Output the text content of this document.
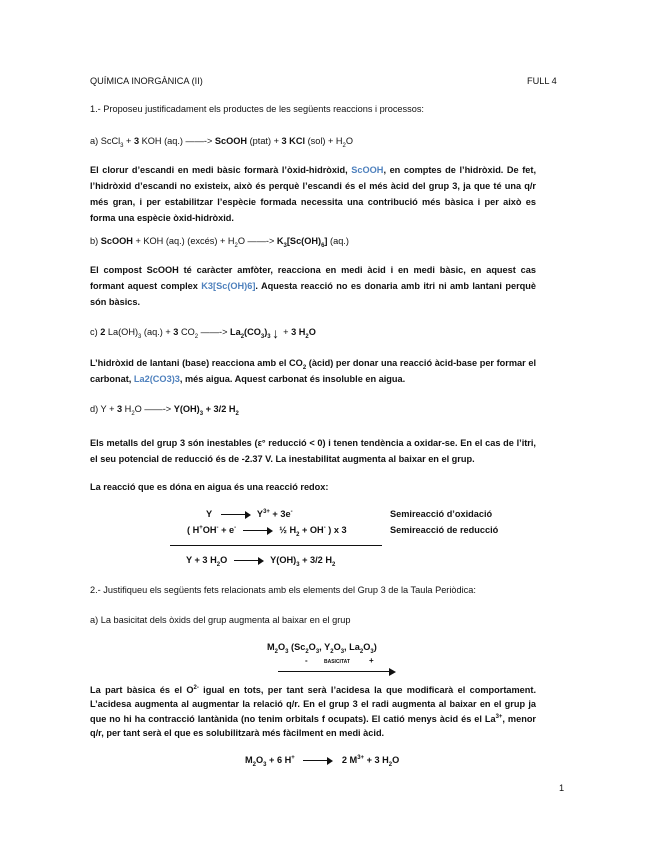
QUÍMICA INORGÀNICA (II)	FULL 4
1.- Proposeu justificadament els productes de les següents reaccions i processos:
a) ScCl$_3$ + 3 KOH (aq.) ——-> ScOOH (ptat) + 3 KCl $(sol) + H_2O$
El clorur d’escandi en medi bàsic formarà l’òxid-hidròxid, ScOOH, en comptes de l’hidròxid. De fet, l’hidròxid d’escandi no existeix, això és perquè l’escandi és el més àcid del grup 3, ja que té una q/r més gran, i per estabilitzar l’espècie formada necessita una contribució més bàsica i per això es forma una espècie òxid-hidròxid.
b) ScOOH + KOH (aq.) (excés) + $H_2O$ ——-> $K_3[Sc(OH)_6]$ (aq.)
El compost ScOOH té caràcter amfòter, reacciona en medi àcid i en medi bàsic, en aquest cas formant aquest complex K3[Sc(OH)6]. Aquesta reacció no es donaria amb itri ni amb lantani perquè són bàsics.
c) 2 $La(OH)_3$ (aq.) + 3 $CO_2$ ——-> $La_2(CO_3)_3$ ↓ + 3 $H_2O$
L’hidròxid de lantani (base) reacciona amb el $CO_2$ (àcid) per donar una reacció àcid-base per formar el carbonat, La2(CO3)3, més aigua. Aquest carbonat és insoluble en aigua.
d) Y + 3 $H_2O$ ——-> $Y(OH)_3 + 3/2$ $H_2$
Els metalls del grup 3 són inestables (ε° reducció < 0) i tenen tendència a oxidar-se. En el cas de l’itri, el seu potencial de reducció és de -2.37 V. La inestabilitat augmenta al baixar en el grup.
La reacció que es dóna en aigua és una reacció redox:
Y	$Y^{3+} + 3e^-$	Semireacció d’oxidació
( H+OH- + e-	½ $H_2 + OH^-$ ) x 3	Semireacció de reducció
Y + 3 $H_2O$	$Y(OH)_3 + 3/2$ $H_2$
2.- Justifiqueu els següents fets relacionats amb els elements del Grup 3 de la Taula Periòdica:
a) La basicitat dels òxids del grup augmenta al baixar en el grup
$M_2O_3$ ($Sc_2O_3$, $Y_2O_3$, $La_2O_3$)
-	BASICITAT +
La part bàsica és el $O^{2-}$ igual en tots, per tant serà l’acidesa la que modificarà el comportament. L’acidesa augmenta al augmentar la relació q/r. En el grup 3 el radi augmenta al baixar en el grup ja que no hi ha contracció lantànida (no tenim orbitals f ocupats). El catió menys àcid és el $La^{3+}$, menor q/r, per tant serà el que es solubilitzarà més fàcilment en medi àcid.
$M_2O_3 + 6$ H+	2 $M^{3+} + 3$ $H_2O$
1
